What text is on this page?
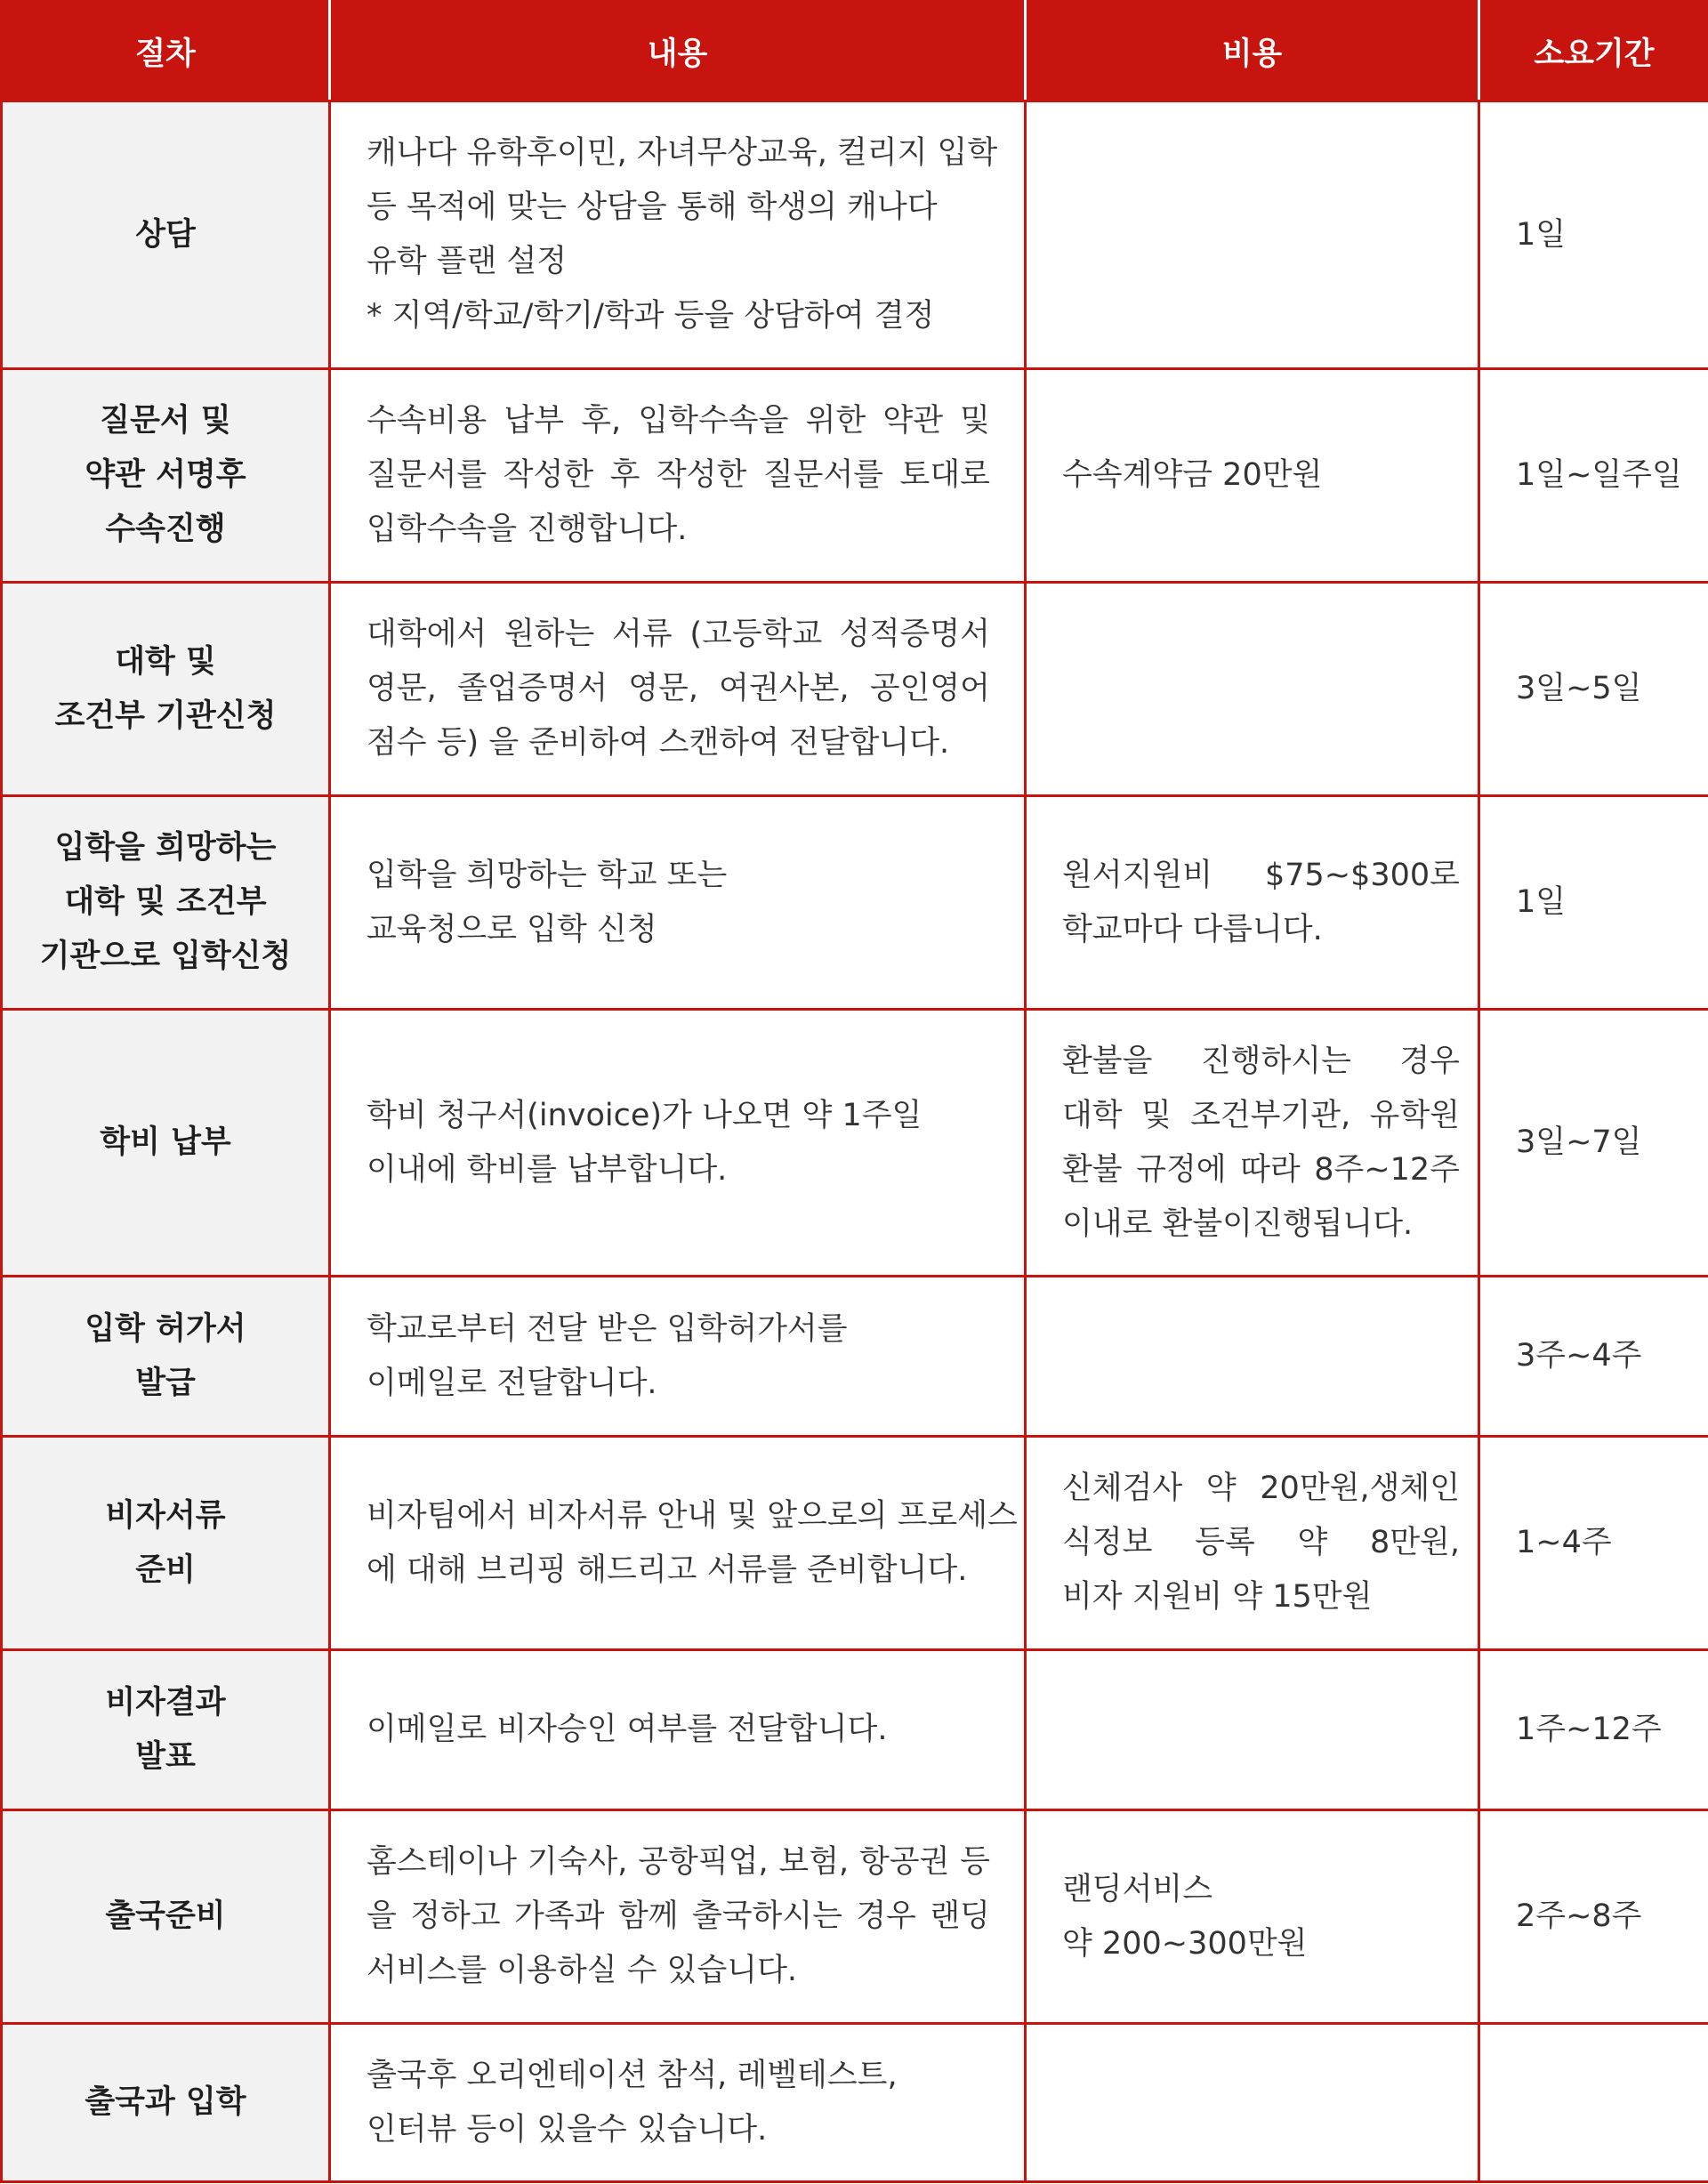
절차	내용	비용	소요기간

상담	캐나다 유학후이민, 자녀무상교육, 컬리지 입학
등 목적에 맞는 상담을 통해 학생의 캐나다
유학 플랜 설정
* 지역/학교/학기/학과 등을 상담하여 결정		1일

질문서 및
약관 서명후
수속진행	수속비용 납부 후, 입학수속을 위한 약관 및
질문서를 작성한 후 작성한 질문서를 토대로
입학수속을 진행합니다.	수속계약금 20만원	1일~일주일

대학 및
조건부 기관신청	대학에서 원하는 서류 (고등학교 성적증명서
영문, 졸업증명서 영문, 여권사본, 공인영어
점수 등) 을 준비하여 스캔하여 전달합니다.		3일~5일

입학을 희망하는
대학 및 조건부
기관으로 입학신청	입학을 희망하는 학교 또는
교육청으로 입학 신청	원서지원비 $75~$300로
학교마다 다릅니다.	1일

학비 납부	학비 청구서(invoice)가 나오면 약 1주일
이내에 학비를 납부합니다.	환불을 진행하시는 경우
대학 및 조건부기관, 유학원
환불 규정에 따라 8주~12주
이내로 환불이진행됩니다.	3일~7일

입학 허가서
발급	학교로부터 전달 받은 입학허가서를
이메일로 전달합니다.		3주~4주

비자서류
준비	비자팀에서 비자서류 안내 및 앞으로의 프로세스
에 대해 브리핑 해드리고 서류를 준비합니다.	신체검사 약 20만원,생체인
식정보 등록 약 8만원,
비자 지원비 약 15만원	1~4주

비자결과
발표	이메일로 비자승인 여부를 전달합니다.		1주~12주

출국준비	홈스테이나 기숙사, 공항픽업, 보험, 항공권 등
을 정하고 가족과 함께 출국하시는 경우 랜딩
서비스를 이용하실 수 있습니다.	랜딩서비스
약 200~300만원	2주~8주

출국과 입학	출국후 오리엔테이션 참석, 레벨테스트,
인터뷰 등이 있을수 있습니다.		
